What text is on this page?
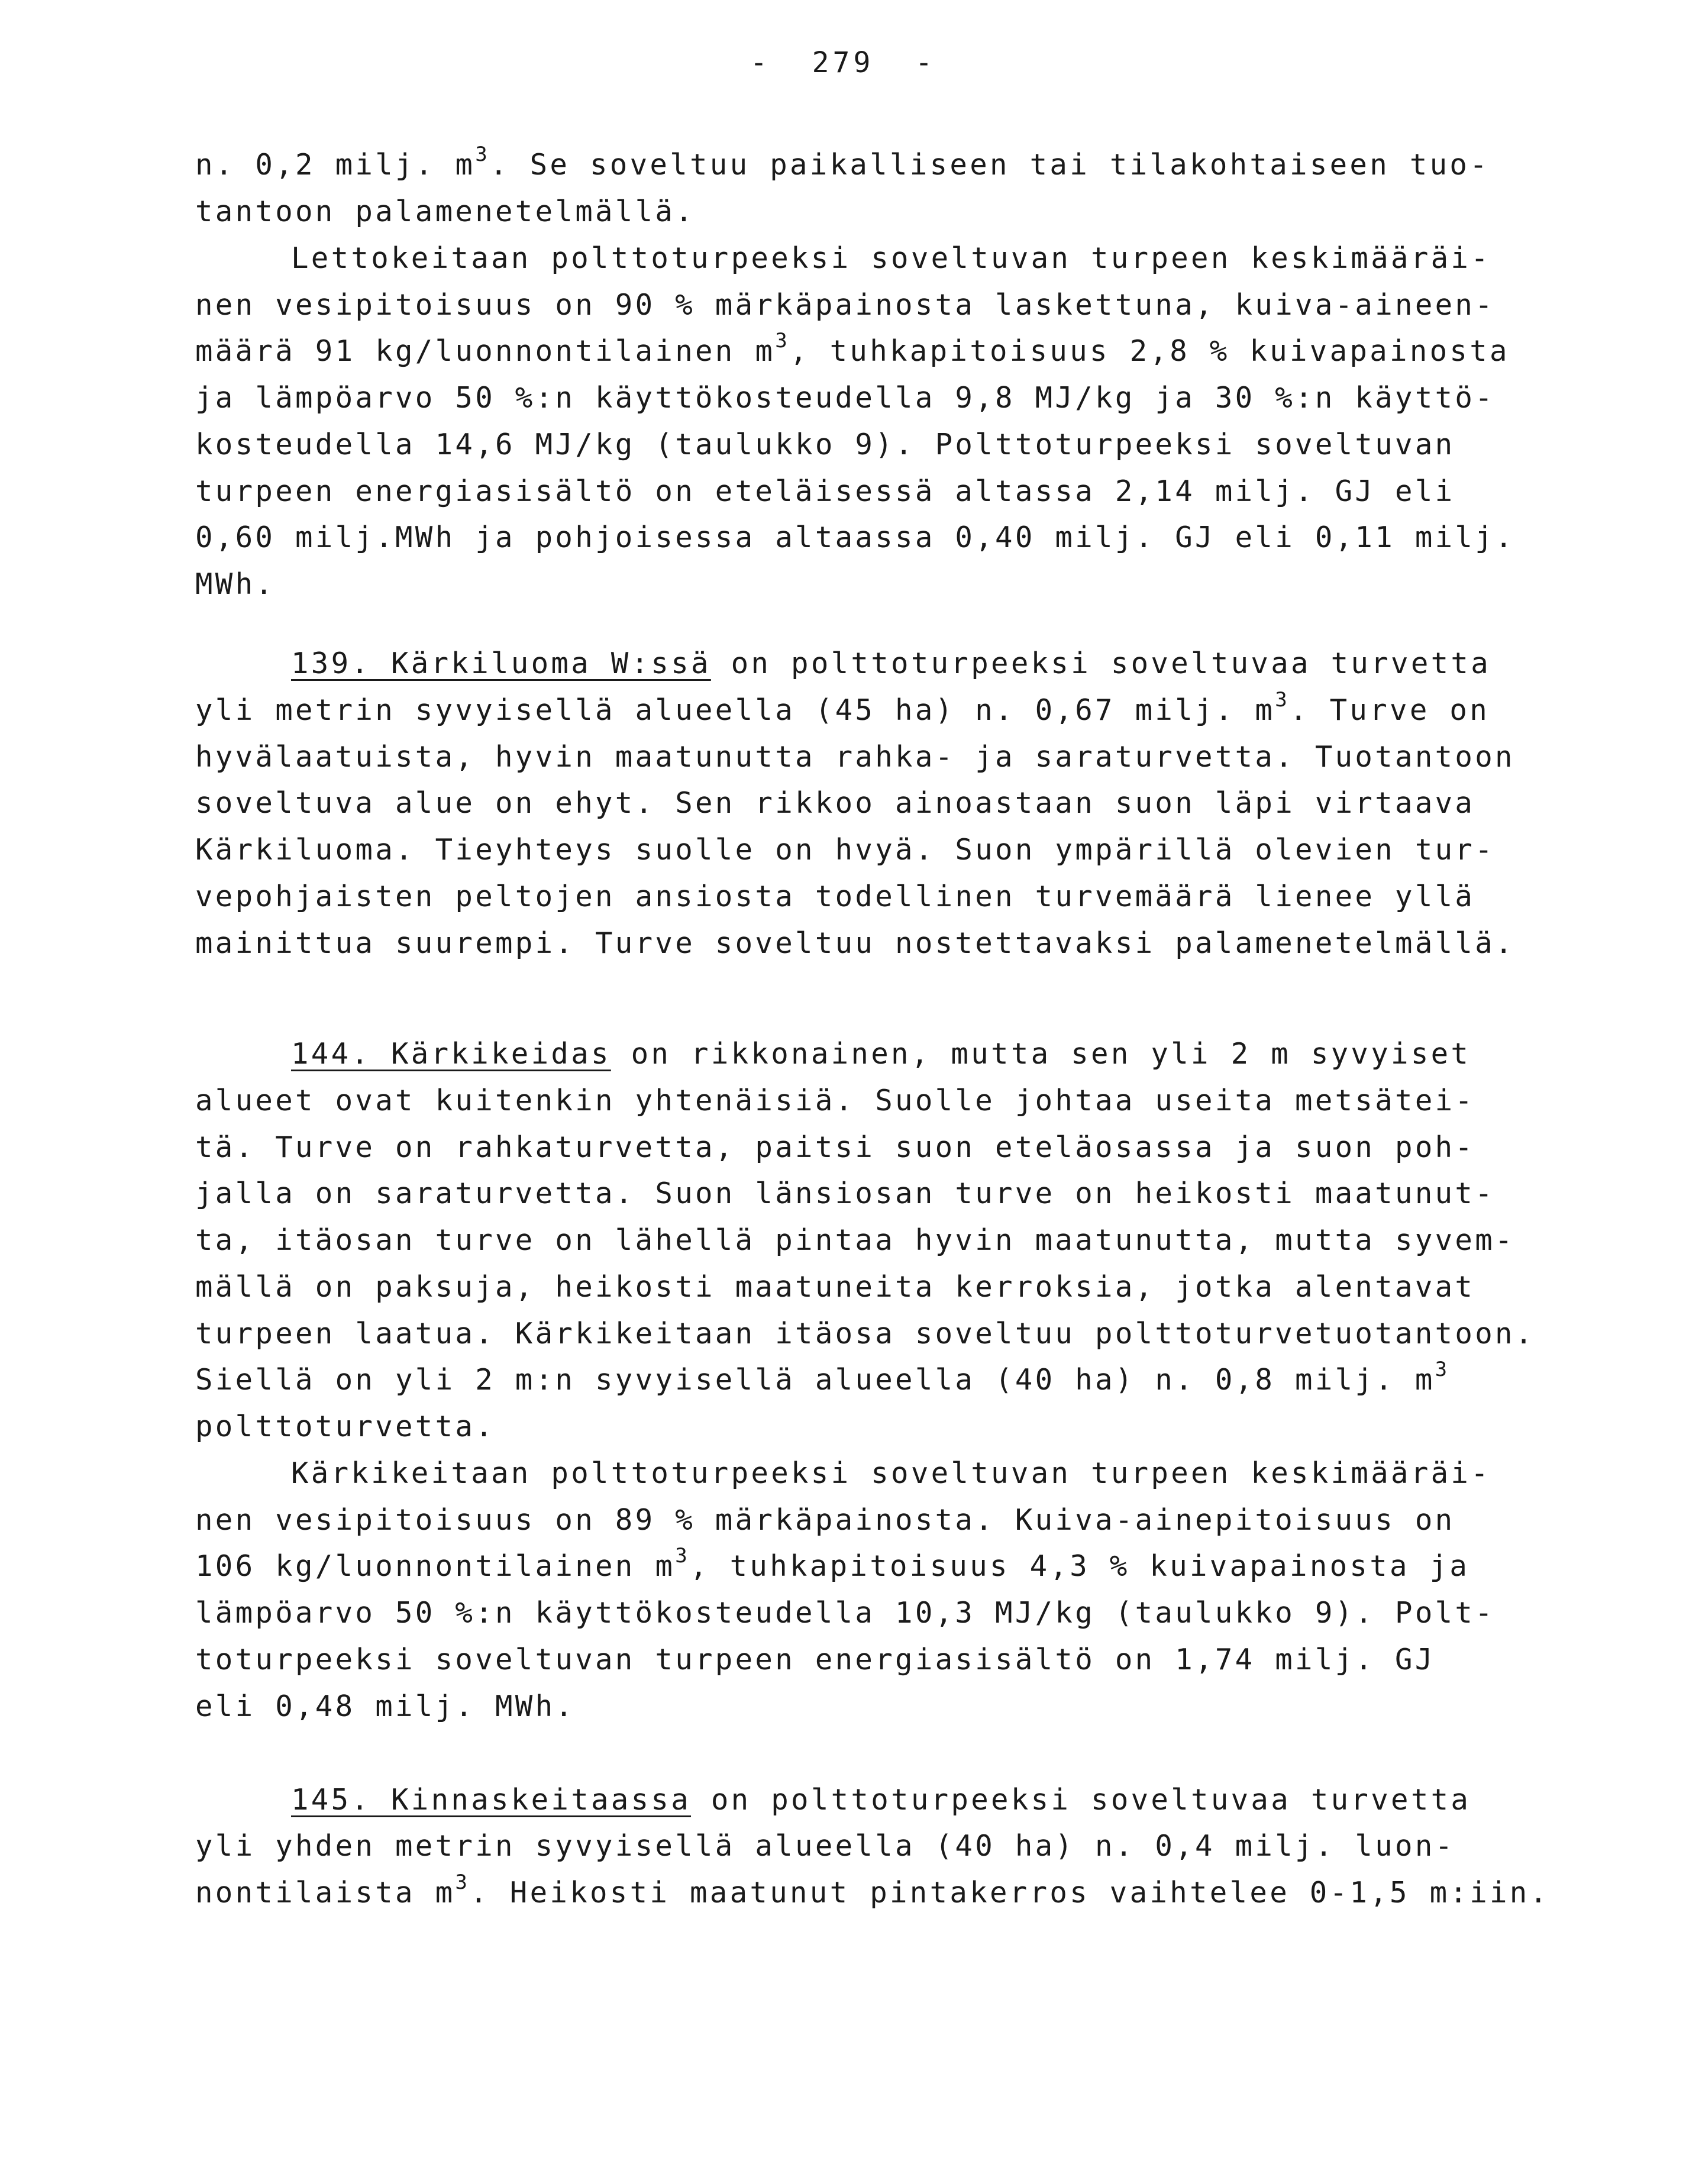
-  279  -
n. 0,2 milj. $m^3$. Se soveltuu paikalliseen tai tilakohtaiseen tuo-
tantoon palamenetelmällä.
Lettokeitaan polttoturpeeksi soveltuvan turpeen keskimääräi-
nen vesipitoisuus on 90 % märkäpainosta laskettuna, kuiva-aineen-
määrä 91 kg/luonnontilainen $m^3$, tuhkapitoisuus 2,8 % kuivapainosta
ja lämpöarvo 50 %:n käyttökosteudella 9,8 MJ/kg ja 30 %:n käyttö-
kosteudella 14,6 MJ/kg (taulukko 9). Polttoturpeeksi soveltuvan
turpeen energiasisältö on eteläisessä altassa 2,14 milj. GJ eli
0,60 milj.MWh ja pohjoisessa altaassa 0,40 milj. GJ eli 0,11 milj.
MWh.
139. Kärkiluoma W:ssä on polttoturpeeksi soveltuvaa turvetta
yli metrin syvyisellä alueella (45 ha) n. 0,67 milj. $m^3$. Turve on
hyvälaatuista, hyvin maatunutta rahka- ja saraturvetta. Tuotantoon
soveltuva alue on ehyt. Sen rikkoo ainoastaan suon läpi virtaava
Kärkiluoma. Tieyhteys suolle on hvyä. Suon ympärillä olevien tur-
vepohjaisten peltojen ansiosta todellinen turvemäärä lienee yllä
mainittua suurempi. Turve soveltuu nostettavaksi palamenetelmällä.
144. Kärkikeidas on rikkonainen, mutta sen yli 2 m syvyiset
alueet ovat kuitenkin yhtenäisiä. Suolle johtaa useita metsätei-
tä. Turve on rahkaturvetta, paitsi suon eteläosassa ja suon poh-
jalla on saraturvetta. Suon länsiosan turve on heikosti maatunut-
ta, itäosan turve on lähellä pintaa hyvin maatunutta, mutta syvem-
mällä on paksuja, heikosti maatuneita kerroksia, jotka alentavat
turpeen laatua. Kärkikeitaan itäosa soveltuu polttoturvetuotantoon.
Siellä on yli 2 m:n syvyisellä alueella (40 ha) n. 0,8 milj. $m^3$
polttoturvetta.
Kärkikeitaan polttoturpeeksi soveltuvan turpeen keskimääräi-
nen vesipitoisuus on 89 % märkäpainosta. Kuiva-ainepitoisuus on
106 kg/luonnontilainen $m^3$, tuhkapitoisuus 4,3 % kuivapainosta ja
lämpöarvo 50 %:n käyttökosteudella 10,3 MJ/kg (taulukko 9). Polt-
toturpeeksi soveltuvan turpeen energiasisältö on 1,74 milj. GJ
eli 0,48 milj. MWh.
145. Kinnaskeitaassa on polttoturpeeksi soveltuvaa turvetta
yli yhden metrin syvyisellä alueella (40 ha) n. 0,4 milj. luon-
nontilaista $m^3$. Heikosti maatunut pintakerros vaihtelee 0-1,5 m:iin.
